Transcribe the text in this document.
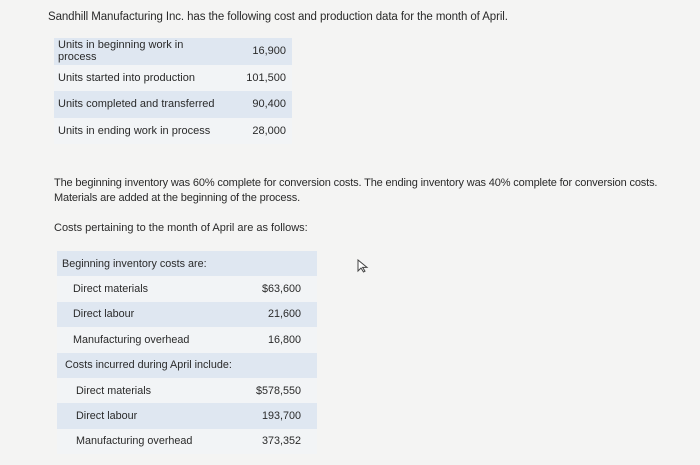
Sandhill Manufacturing Inc. has the following cost and production data for the month of April.
Units in beginning work in process	16,900
Units started into production	101,500
Units completed and transferred	90,400
Units in ending work in process	28,000
The beginning inventory was 60% complete for conversion costs. The ending inventory was 40% complete for conversion costs. Materials are added at the beginning of the process.
Costs pertaining to the month of April are as follows:
Beginning inventory costs are:	
Direct materials	$63,600
Direct labour	21,600
Manufacturing overhead	16,800
Costs incurred during April include:	
Direct materials	$578,550
Direct labour	193,700
Manufacturing overhead	373,352
